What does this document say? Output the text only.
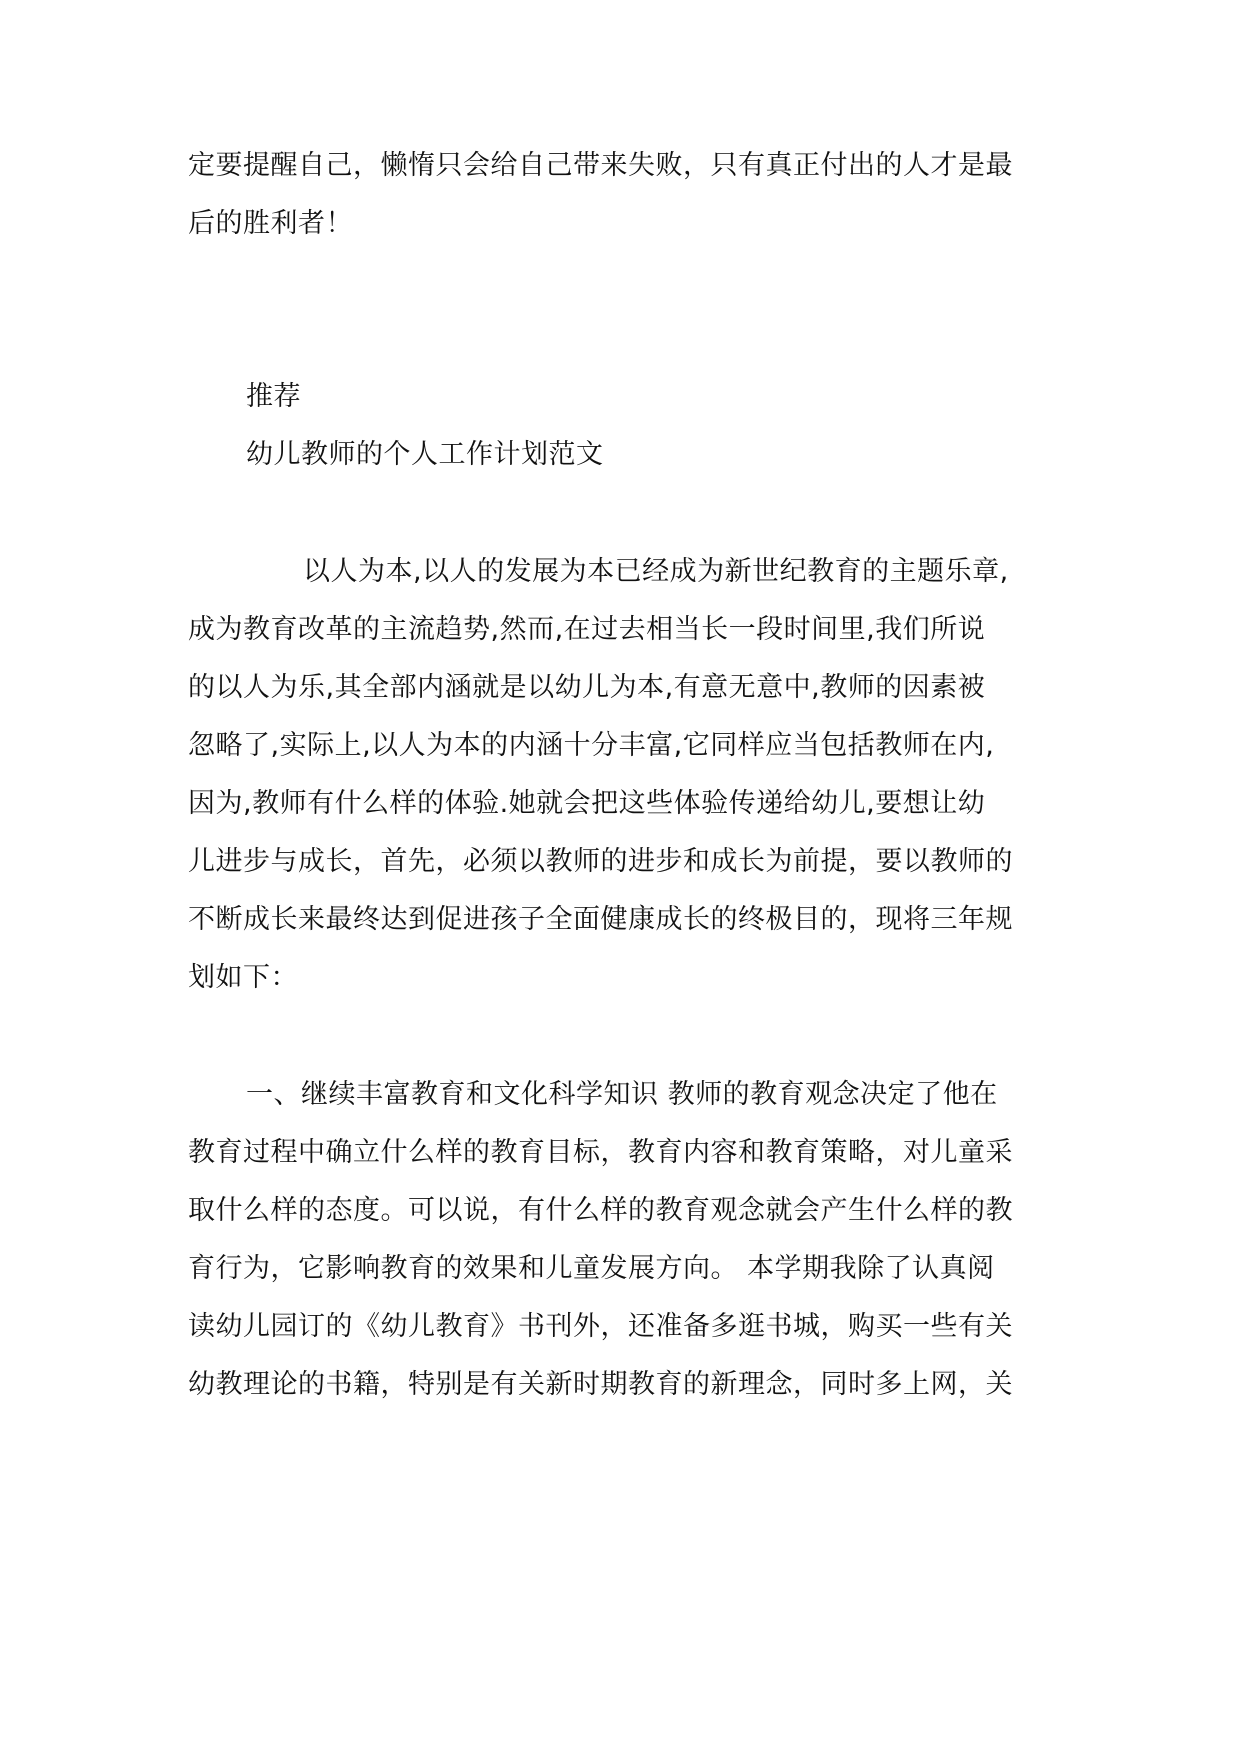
定要提醒自己，懒惰只会给自己带来失败，只有真正付出的人才是最
后的胜利者！
推荐
幼儿教师的个人工作计划范文
以人为本,以人的发展为本已经成为新世纪教育的主题乐章,
成为教育改革的主流趋势,然而,在过去相当长一段时间里,我们所说
的以人为乐,其全部内涵就是以幼儿为本,有意无意中,教师的因素被
忽略了,实际上,以人为本的内涵十分丰富,它同样应当包括教师在内,
因为,教师有什么样的体验.她就会把这些体验传递给幼儿,要想让幼
儿进步与成长，首先，必须以教师的进步和成长为前提，要以教师的
不断成长来最终达到促进孩子全面健康成长的终极目的，现将三年规
划如下：
一、继续丰富教育和文化科学知识 教师的教育观念决定了他在
教育过程中确立什么样的教育目标，教育内容和教育策略，对儿童采
取什么样的态度。可以说，有什么样的教育观念就会产生什么样的教
育行为，它影响教育的效果和儿童发展方向。 本学期我除了认真阅
读幼儿园订的《幼儿教育》书刊外，还准备多逛书城，购买一些有关
幼教理论的书籍，特别是有关新时期教育的新理念，同时多上网，关
